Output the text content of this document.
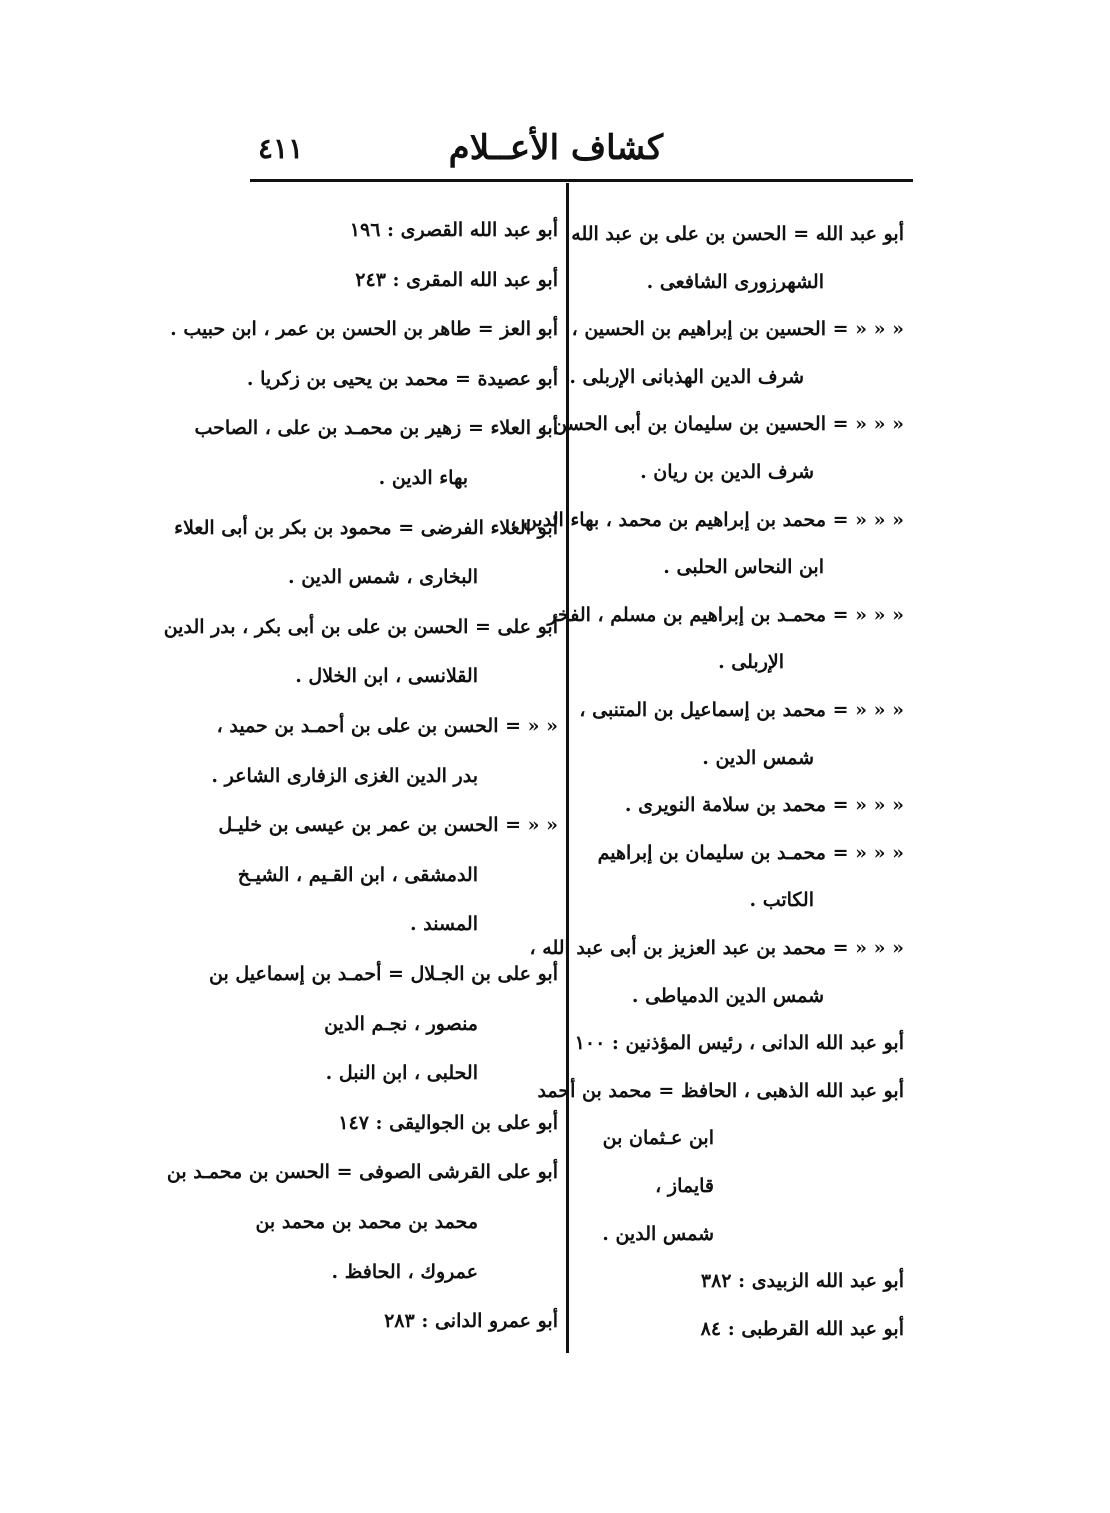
كشاف الأعــلام
٤١١
أبو عبد الله = الحسن بن على بن عبد الله
الشهرزورى الشافعى .
« « « = الحسين بن إبراهيم بن الحسين ،
شرف الدين الهذبانى الإربلى .
« « « = الحسين بن سليمان بن أبى الحسن ،
شرف الدين بن ريان .
« « « = محمد بن إبراهيم بن محمد ، بهاء الدين ،
ابن النحاس الحلبى .
« « « = محمـد بن إبراهيم بن مسلم ، الفخر
الإربلى .
« « « = محمد بن إسماعيل بن المتنبى ،
شمس الدين .
« « « = محمد بن سلامة النويرى .
« « « = محمـد بن سليمان بن إبراهيم
الكاتب .
« « « = محمد بن عبد العزيز بن أبى عبد الله ،
شمس الدين الدمياطى .
أبو عبد الله الدانى ، رئيس المؤذنين : ١٠٠
أبو عبد الله الذهبى ، الحافظ = محمد بن أحمد
ابن عـثمان بن
قايماز ،
شمس الدين .
أبو عبد الله الزبيدى : ٣٨٢
أبو عبد الله القرطبى : ٨٤
أبو عبد الله القصرى : ١٩٦
أبو عبد الله المقرى : ٢٤٣
أبو العز = طاهر بن الحسن بن عمر ، ابن حبيب .
أبو عصيدة = محمد بن يحيى بن زكريا .
أبو العلاء = زهير بن محمـد بن على ، الصاحب
بهاء الدين .
أبو العلاء الفرضى = محمود بن بكر بن أبى العلاء
البخارى ، شمس الدين .
أبو على = الحسن بن على بن أبى بكر ، بدر الدين
القلانسى ، ابن الخلال .
« « = الحسن بن على بن أحمـد بن حميد ،
بدر الدين الغزى الزفارى الشاعر .
« « = الحسن بن عمر بن عيسى بن خليـل
الدمشقى ، ابن القـيم ، الشيـخ
المسند .
أبو على بن الجـلال = أحمـد بن إسماعيل بن
منصور ، نجـم الدين
الحلبى ، ابن النبل .
أبو على بن الجواليقى : ١٤٧
أبو على القرشى الصوفى = الحسن بن محمـد بن
محمد بن محمد بن محمد بن
عمروك ، الحافظ .
أبو عمرو الدانى : ٢٨٣
